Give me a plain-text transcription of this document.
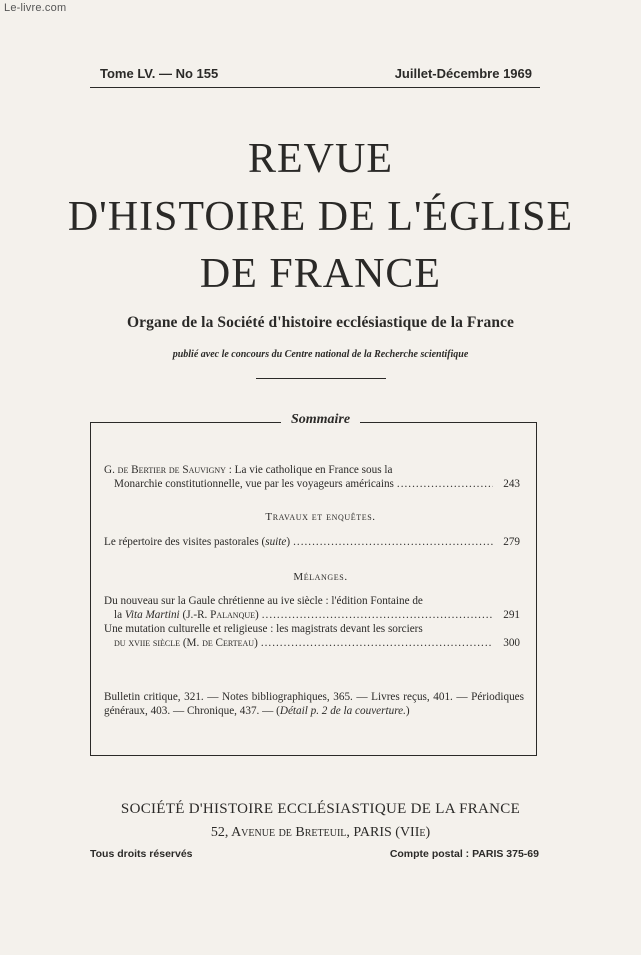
Le-livre.com
Tome LV. — No 155	Juillet-Décembre 1969
REVUE
D'HISTOIRE DE L'ÉGLISE
DE FRANCE
Organe de la Société d'histoire ecclésiastique de la France
publié avec le concours du Centre national de la Recherche scientifique
Sommaire
G. de Bertier de Sauvigny : La vie catholique en France sous la
Monarchie constitutionnelle, vue par les voyageurs américains .....	243
Travaux et enquêtes.
Le répertoire des visites pastorales (suite) .....	279
Mélanges.
Du nouveau sur la Gaule chrétienne au ive siècle : l'édition Fontaine de
la Vita Martini (J.-R. Palanque) .....	291
Une mutation culturelle et religieuse : les magistrats devant les sorciers
du xviie siècle (M. de Certeau) .....	300
Bulletin critique, 321. — Notes bibliographiques, 365. — Livres reçus, 401. — Périodiques généraux, 403. — Chronique, 437. — (Détail p. 2 de la couverture.)
SOCIÉTÉ D'HISTOIRE ECCLÉSIASTIQUE DE LA FRANCE
52, Avenue de Breteuil, PARIS (VIIe)
Tous droits réservés	Compte postal : PARIS 375-69
